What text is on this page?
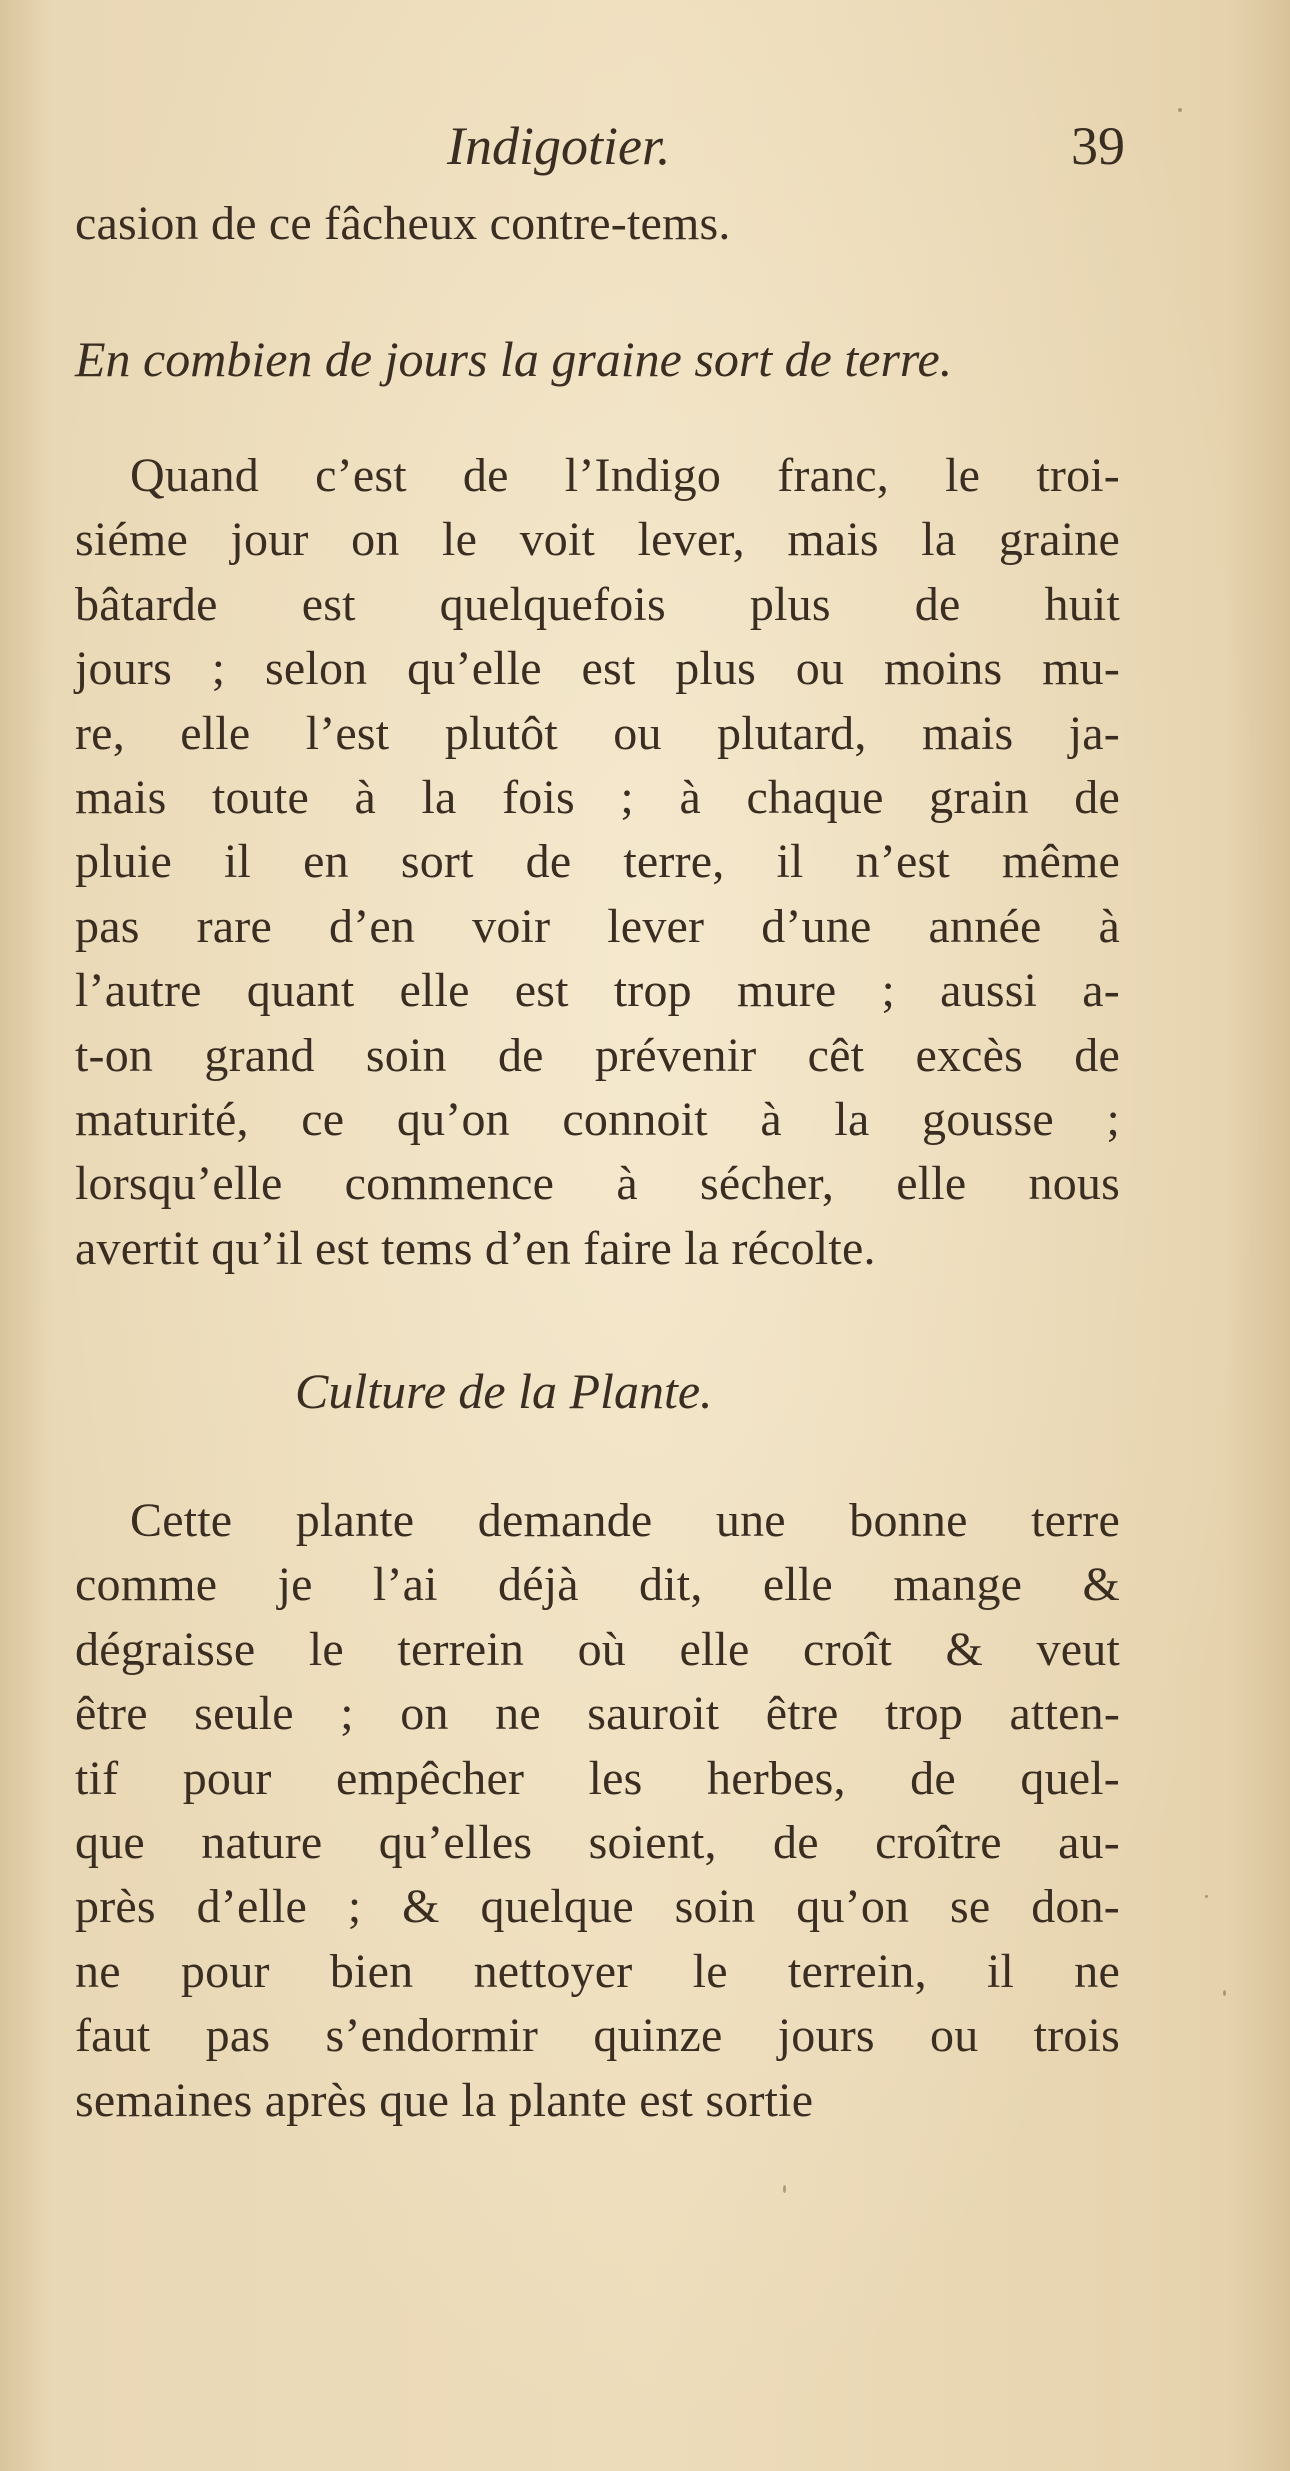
Indigotier.	39
casion de ce fâcheux contre-tems.
En combien de jours la graine sort de terre.
Quand c’est de l’Indigo franc, le troi-
siéme jour on le voit lever, mais la graine
bâtarde est quelquefois plus de huit
jours ; selon qu’elle est plus ou moins mu-
re, elle l’est plutôt ou plutard, mais ja-
mais toute à la fois ; à chaque grain de
pluie il en sort de terre, il n’est même
pas rare d’en voir lever d’une année à
l’autre quant elle est trop mure ; aussi a-
t-on grand soin de prévenir cêt excès de
maturité, ce qu’on connoit à la gousse ;
lorsqu’elle commence à sécher, elle nous
avertit qu’il est tems d’en faire la récolte.
Culture de la Plante.
Cette plante demande une bonne terre
comme je l’ai déjà dit, elle mange &
dégraisse le terrein où elle croît & veut
être seule ; on ne sauroit être trop atten-
tif pour empêcher les herbes, de quel-
que nature qu’elles soient, de croître au-
près d’elle ; & quelque soin qu’on se don-
ne pour bien nettoyer le terrein, il ne
faut pas s’endormir quinze jours ou trois
semaines après que la plante est sortie
